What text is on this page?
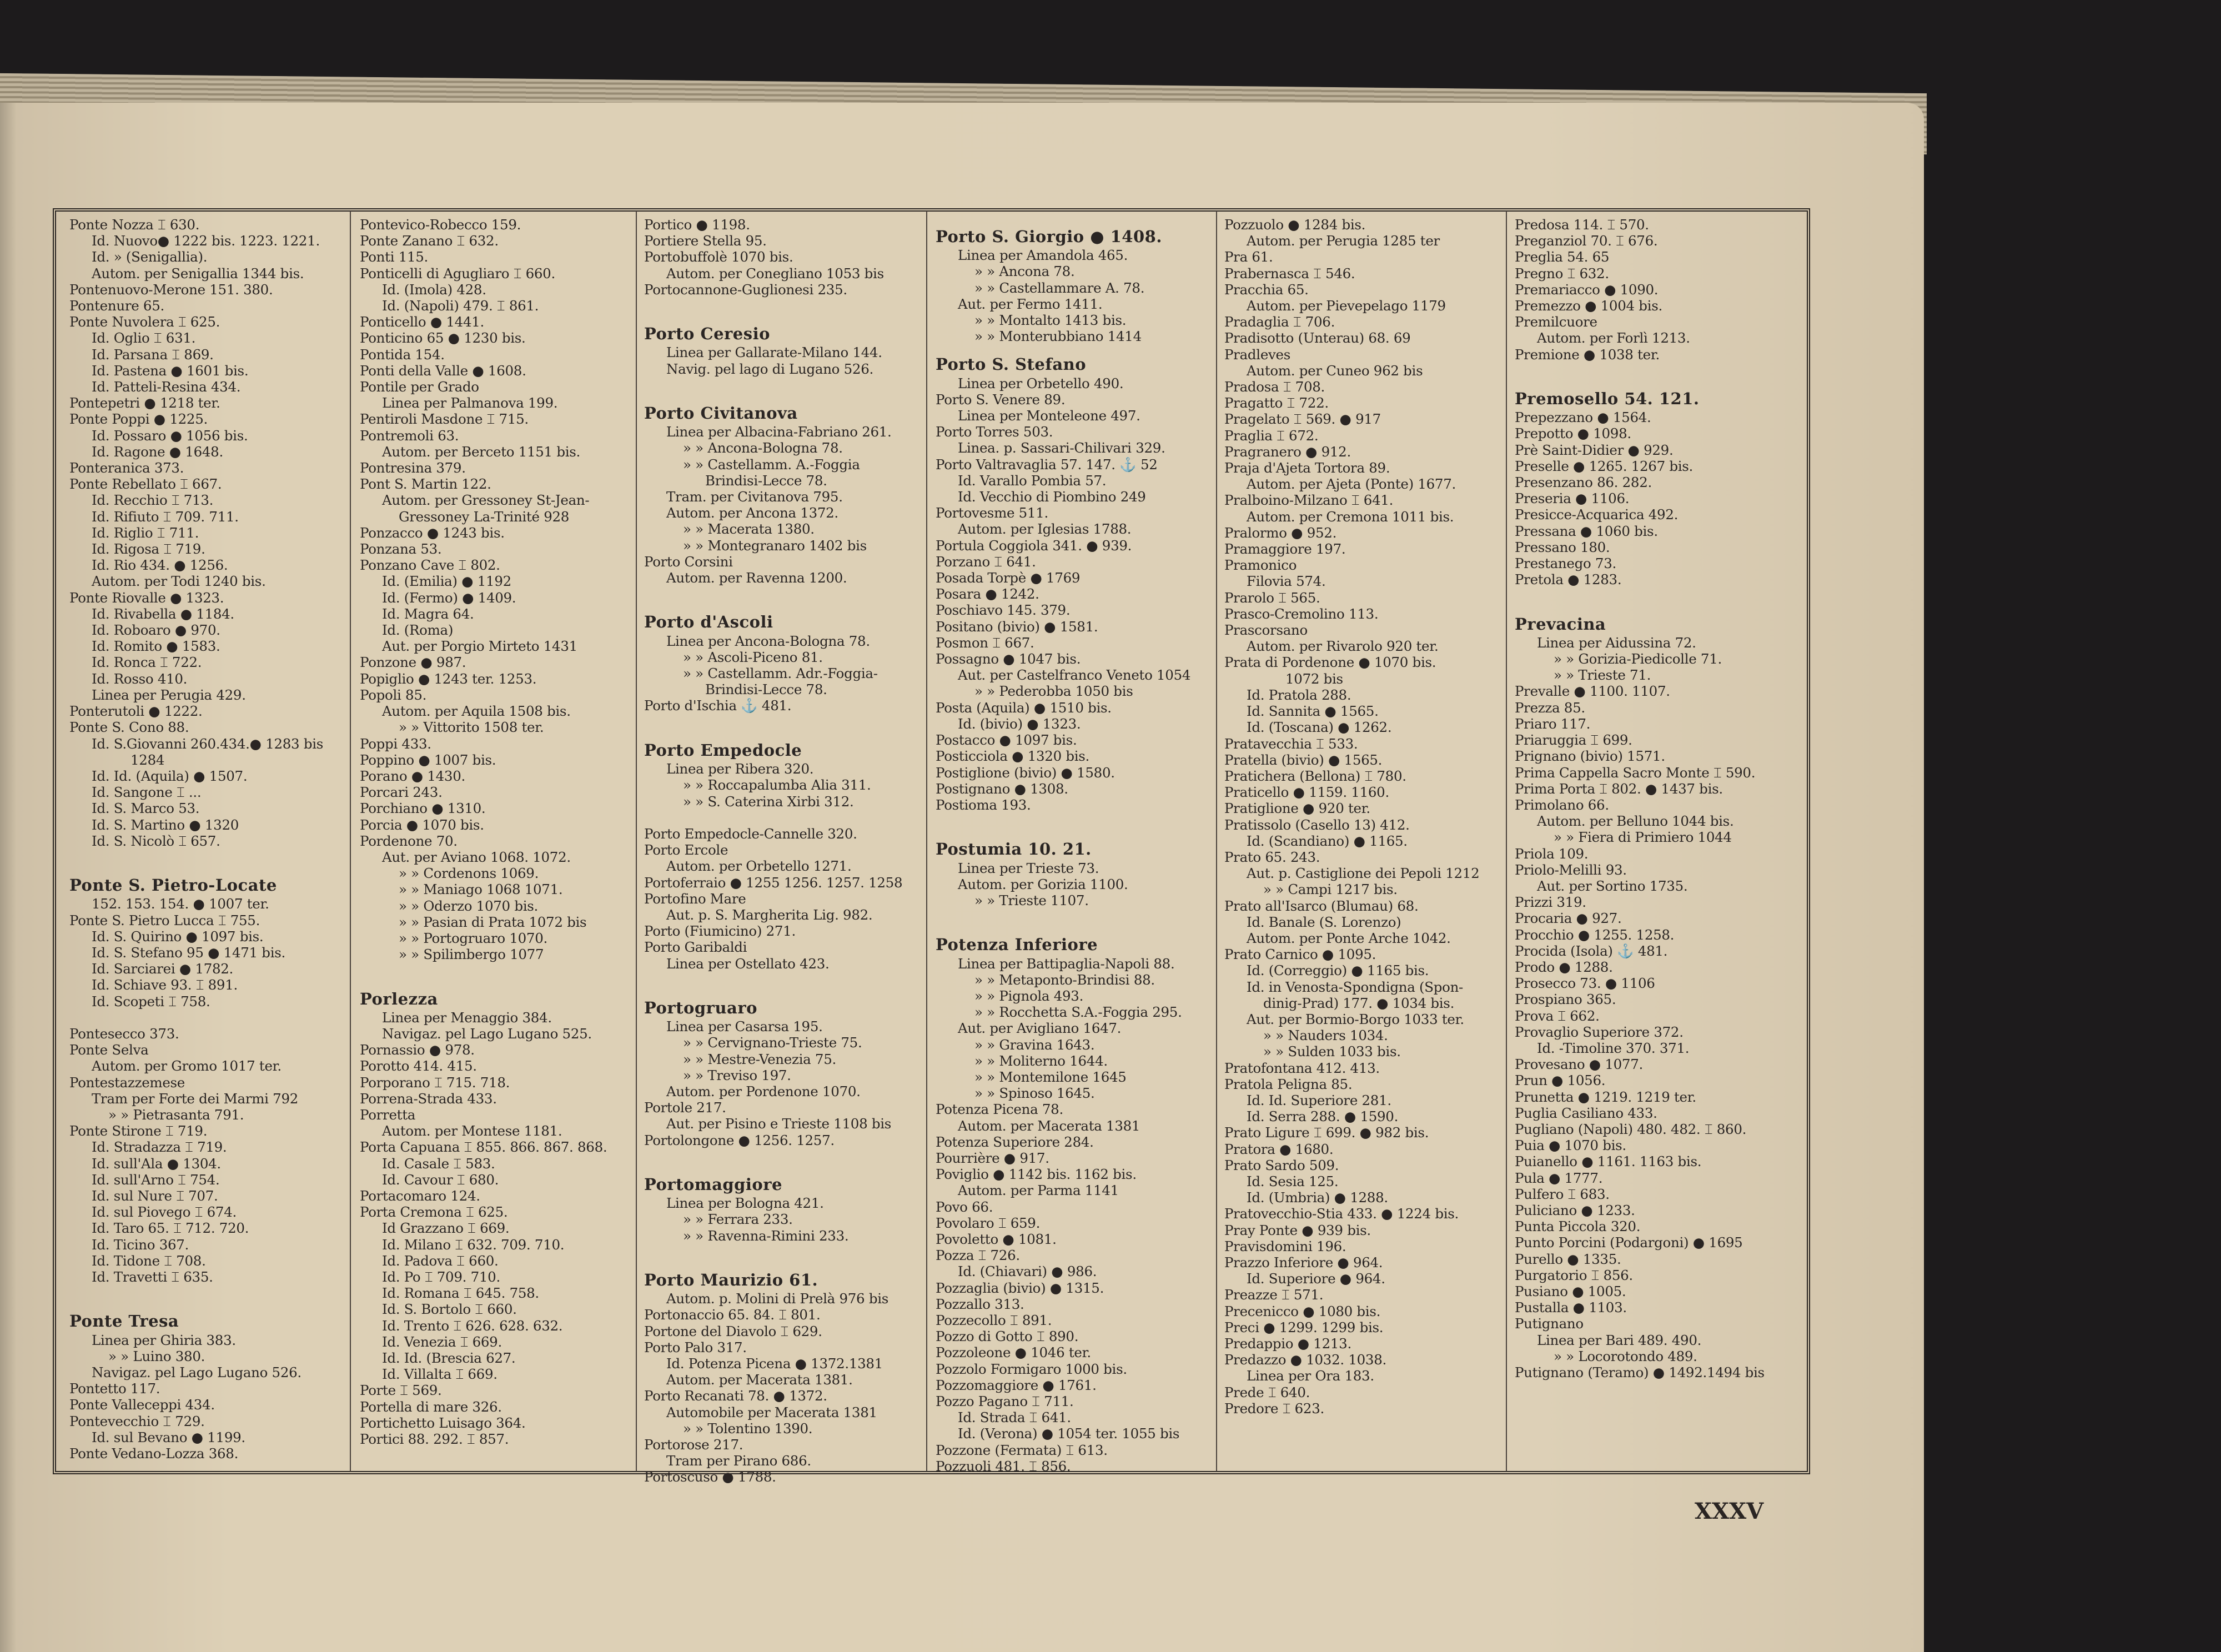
Ponte Nozza ⌶ 630.
Id. Nuovo● 1222 bis. 1223. 1221.
Id. » (Senigallia).
Autom. per Senigallia 1344 bis.
Pontenuovo-Merone 151. 380.
Pontenure 65.
Ponte Nuvolera ⌶ 625.
Id. Oglio ⌶ 631.
Id. Parsana ⌶ 869.
Id. Pastena ● 1601 bis.
Id. Patteli-Resina 434.
Pontepetri ● 1218 ter.
Ponte Poppi ● 1225.
Id. Possaro ● 1056 bis.
Id. Ragone ● 1648.
Ponteranica 373.
Ponte Rebellato ⌶ 667.
Id. Recchio ⌶ 713.
Id. Rifiuto ⌶ 709. 711.
Id. Riglio ⌶ 711.
Id. Rigosa ⌶ 719.
Id. Rio 434. ● 1256.
Autom. per Todi 1240 bis.
Ponte Riovalle ● 1323.
Id. Rivabella ● 1184.
Id. Roboaro ● 970.
Id. Romito ● 1583.
Id. Ronca ⌶ 722.
Id. Rosso 410.
Linea per Perugia 429.
Ponterutoli ● 1222.
Ponte S. Cono 88.
Id. S.Giovanni 260.434.● 1283 bis
1284
Id. Id. (Aquila) ● 1507.
Id. Sangone ⌶ ...
Id. S. Marco 53.
Id. S. Martino ● 1320
Id. S. Nicolò ⌶ 657.

Ponte S. Pietro-Locate
152. 153. 154. ● 1007 ter.
Ponte S. Pietro Lucca ⌶ 755.
Id. S. Quirino ● 1097 bis.
Id. S. Stefano 95 ● 1471 bis.
Id. Sarciarei ● 1782.
Id. Schiave 93. ⌶ 891.
Id. Scopeti ⌶ 758.

Pontesecco 373.
Ponte Selva
Autom. per Gromo 1017 ter.
Pontestazzemese
Tram per Forte dei Marmi 792
» » Pietrasanta 791.
Ponte Stirone ⌶ 719.
Id. Stradazza ⌶ 719.
Id. sull'Ala ● 1304.
Id. sull'Arno ⌶ 754.
Id. sul Nure ⌶ 707.
Id. sul Piovego ⌶ 674.
Id. Taro 65. ⌶ 712. 720.
Id. Ticino 367.
Id. Tidone ⌶ 708.
Id. Travetti ⌶ 635.

Ponte Tresa
Linea per Ghiria 383.
» » Luino 380.
Navigaz. pel Lago Lugano 526.
Pontetto 117.
Ponte Valleceppi 434.
Pontevecchio ⌶ 729.
Id. sul Bevano ● 1199.
Ponte Vedano-Lozza 368.
Pontevico-Robecco 159.
Ponte Zanano ⌶ 632.
Ponti 115.
Ponticelli di Agugliaro ⌶ 660.
Id. (Imola) 428.
Id. (Napoli) 479. ⌶ 861.
Ponticello ● 1441.
Ponticino 65 ● 1230 bis.
Pontida 154.
Ponti della Valle ● 1608.
Pontile per Grado
Linea per Palmanova 199.
Pentiroli Masdone ⌶ 715.
Pontremoli 63.
Autom. per Berceto 1151 bis.
Pontresina 379.
Pont S. Martin 122.
Autom. per Gressoney St-Jean-
Gressoney La-Trinité 928
Ponzacco ● 1243 bis.
Ponzana 53.
Ponzano Cave ⌶ 802.
Id. (Emilia) ● 1192
Id. (Fermo) ● 1409.
Id. Magra 64.
Id. (Roma)
Aut. per Porgio Mirteto 1431
Ponzone ● 987.
Popiglio ● 1243 ter. 1253.
Popoli 85.
Autom. per Aquila 1508 bis.
» » Vittorito 1508 ter.
Poppi 433.
Poppino ● 1007 bis.
Porano ● 1430.
Porcari 243.
Porchiano ● 1310.
Porcia ● 1070 bis.
Pordenone 70.
Aut. per Aviano 1068. 1072.
» » Cordenons 1069.
» » Maniago 1068 1071.
» » Oderzo 1070 bis.
» » Pasian di Prata 1072 bis
» » Portogruaro 1070.
» » Spilimbergo 1077

Porlezza
Linea per Menaggio 384.
Navigaz. pel Lago Lugano 525.
Pornassio ● 978.
Porotto 414. 415.
Porporano ⌶ 715. 718.
Porrena-Strada 433.
Porretta
Autom. per Montese 1181.
Porta Capuana ⌶ 855. 866. 867. 868.
Id. Casale ⌶ 583.
Id. Cavour ⌶ 680.
Portacomaro 124.
Porta Cremona ⌶ 625.
Id Grazzano ⌶ 669.
Id. Milano ⌶ 632. 709. 710.
Id. Padova ⌶ 660.
Id. Po ⌶ 709. 710.
Id. Romana ⌶ 645. 758.
Id. S. Bortolo ⌶ 660.
Id. Trento ⌶ 626. 628. 632.
Id. Venezia ⌶ 669.
Id. Id. (Brescia 627.
Id. Villalta ⌶ 669.
Porte ⌶ 569.
Portella di mare 326.
Portichetto Luisago 364.
Portici 88. 292. ⌶ 857.
Portico ● 1198.
Portiere Stella 95.
Portobuffolè 1070 bis.
Autom. per Conegliano 1053 bis
Portocannone-Guglionesi 235.

Porto Ceresio
Linea per Gallarate-Milano 144.
Navig. pel lago di Lugano 526.

Porto Civitanova
Linea per Albacina-Fabriano 261.
» » Ancona-Bologna 78.
» » Castellamm. A.-Foggia
Brindisi-Lecce 78.
Tram. per Civitanova 795.
Autom. per Ancona 1372.
» » Macerata 1380.
» » Montegranaro 1402 bis
Porto Corsini
Autom. per Ravenna 1200.

Porto d'Ascoli
Linea per Ancona-Bologna 78.
» » Ascoli-Piceno 81.
» » Castellamm. Adr.-Foggia-
Brindisi-Lecce 78.
Porto d'Ischia ⚓ 481.

Porto Empedocle
Linea per Ribera 320.
» » Roccapalumba Alia 311.
» » S. Caterina Xirbi 312.

Porto Empedocle-Cannelle 320.
Porto Ercole
Autom. per Orbetello 1271.
Portoferraio ● 1255 1256. 1257. 1258
Portofino Mare
Aut. p. S. Margherita Lig. 982.
Porto (Fiumicino) 271.
Porto Garibaldi
Linea per Ostellato 423.

Portogruaro
Linea per Casarsa 195.
» » Cervignano-Trieste 75.
» » Mestre-Venezia 75.
» » Treviso 197.
Autom. per Pordenone 1070.
Portole 217.
Aut. per Pisino e Trieste 1108 bis
Portolongone ● 1256. 1257.

Portomaggiore
Linea per Bologna 421.
» » Ferrara 233.
» » Ravenna-Rimini 233.

Porto Maurizio 61.
Autom. p. Molini di Prelà 976 bis
Portonaccio 65. 84. ⌶ 801.
Portone del Diavolo ⌶ 629.
Porto Palo 317.
Id. Potenza Picena ● 1372.1381
Autom. per Macerata 1381.
Porto Recanati 78. ● 1372.
Automobile per Macerata 1381
» » Tolentino 1390.
Portorose 217.
Tram per Pirano 686.
Portoscuso ● 1788.
Porto S. Giorgio ● 1408.
Linea per Amandola 465.
» » Ancona 78.
» » Castellammare A. 78.
Aut. per Fermo 1411.
» » Montalto 1413 bis.
» » Monterubbiano 1414
Porto S. Stefano
Linea per Orbetello 490.
Porto S. Venere 89.
Linea per Monteleone 497.
Porto Torres 503.
Linea. p. Sassari-Chilivari 329.
Porto Valtravaglia 57. 147. ⚓ 52
Id. Varallo Pombia 57.
Id. Vecchio di Piombino 249
Portovesme 511.
Autom. per Iglesias 1788.
Portula Coggiola 341. ● 939.
Porzano ⌶ 641.
Posada Torpè ● 1769
Posara ● 1242.
Poschiavo 145. 379.
Positano (bivio) ● 1581.
Posmon ⌶ 667.
Possagno ● 1047 bis.
Aut. per Castelfranco Veneto 1054
» » Pederobba 1050 bis
Posta (Aquila) ● 1510 bis.
Id. (bivio) ● 1323.
Postacco ● 1097 bis.
Posticciola ● 1320 bis.
Postiglione (bivio) ● 1580.
Postignano ● 1308.
Postioma 193.

Postumia 10. 21.
Linea per Trieste 73.
Autom. per Gorizia 1100.
» » Trieste 1107.

Potenza Inferiore
Linea per Battipaglia-Napoli 88.
» » Metaponto-Brindisi 88.
» » Pignola 493.
» » Rocchetta S.A.-Foggia 295.
Aut. per Avigliano 1647.
» » Gravina 1643.
» » Moliterno 1644.
» » Montemilone 1645
» » Spinoso 1645.
Potenza Picena 78.
Autom. per Macerata 1381
Potenza Superiore 284.
Pourrière ● 917.
Poviglio ● 1142 bis. 1162 bis.
Autom. per Parma 1141
Povo 66.
Povolaro ⌶ 659.
Povoletto ● 1081.
Pozza ⌶ 726.
Id. (Chiavari) ● 986.
Pozzaglia (bivio) ● 1315.
Pozzallo 313.
Pozzecollo ⌶ 891.
Pozzo di Gotto ⌶ 890.
Pozzoleone ● 1046 ter.
Pozzolo Formigaro 1000 bis.
Pozzomaggiore ● 1761.
Pozzo Pagano ⌶ 711.
Id. Strada ⌶ 641.
Id. (Verona) ● 1054 ter. 1055 bis
Pozzone (Fermata) ⌶ 613.
Pozzuoli 481. ⌶ 856.
Pozzuolo ● 1284 bis.
Autom. per Perugia 1285 ter
Pra 61.
Prabernasca ⌶ 546.
Pracchia 65.
Autom. per Pievepelago 1179
Pradaglia ⌶ 706.
Pradisotto (Unterau) 68. 69
Pradleves
Autom. per Cuneo 962 bis
Pradosa ⌶ 708.
Pragatto ⌶ 722.
Pragelato ⌶ 569. ● 917
Praglia ⌶ 672.
Pragranero ● 912.
Praja d'Ajeta Tortora 89.
Autom. per Ajeta (Ponte) 1677.
Pralboino-Milzano ⌶ 641.
Autom. per Cremona 1011 bis.
Pralormo ● 952.
Pramaggiore 197.
Pramonico
Filovia 574.
Prarolo ⌶ 565.
Prasco-Cremolino 113.
Prascorsano
Autom. per Rivarolo 920 ter.
Prata di Pordenone ● 1070 bis.
1072 bis
Id. Pratola 288.
Id. Sannita ● 1565.
Id. (Toscana) ● 1262.
Pratavecchia ⌶ 533.
Pratella (bivio) ● 1565.
Pratichera (Bellona) ⌶ 780.
Praticello ● 1159. 1160.
Pratiglione ● 920 ter.
Pratissolo (Casello 13) 412.
Id. (Scandiano) ● 1165.
Prato 65. 243.
Aut. p. Castiglione dei Pepoli 1212
» » Campi 1217 bis.
Prato all'Isarco (Blumau) 68.
Id. Banale (S. Lorenzo)
Autom. per Ponte Arche 1042.
Prato Carnico ● 1095.
Id. (Correggio) ● 1165 bis.
Id. in Venosta-Spondigna (Spon-
dinig-Prad) 177. ● 1034 bis.
Aut. per Bormio-Borgo 1033 ter.
» » Nauders 1034.
» » Sulden 1033 bis.
Pratofontana 412. 413.
Pratola Peligna 85.
Id. Id. Superiore 281.
Id. Serra 288. ● 1590.
Prato Ligure ⌶ 699. ● 982 bis.
Pratora ● 1680.
Prato Sardo 509.
Id. Sesia 125.
Id. (Umbria) ● 1288.
Pratovecchio-Stia 433. ● 1224 bis.
Pray Ponte ● 939 bis.
Pravisdomini 196.
Prazzo Inferiore ● 964.
Id. Superiore ● 964.
Preazze ⌶ 571.
Precenicco ● 1080 bis.
Preci ● 1299. 1299 bis.
Predappio ● 1213.
Predazzo ● 1032. 1038.
Linea per Ora 183.
Prede ⌶ 640.
Predore ⌶ 623.
Predosa 114. ⌶ 570.
Preganziol 70. ⌶ 676.
Preglia 54. 65
Pregno ⌶ 632.
Premariacco ● 1090.
Premezzo ● 1004 bis.
Premilcuore
Autom. per Forlì 1213.
Premione ● 1038 ter.

Premosello 54. 121.
Prepezzano ● 1564.
Prepotto ● 1098.
Prè Saint-Didier ● 929.
Preselle ● 1265. 1267 bis.
Presenzano 86. 282.
Preseria ● 1106.
Presicce-Acquarica 492.
Pressana ● 1060 bis.
Pressano 180.
Prestanego 73.
Pretola ● 1283.

Prevacina
Linea per Aidussina 72.
» » Gorizia-Piedicolle 71.
» » Trieste 71.
Prevalle ● 1100. 1107.
Prezza 85.
Priaro 117.
Priaruggia ⌶ 699.
Prignano (bivio) 1571.
Prima Cappella Sacro Monte ⌶ 590.
Prima Porta ⌶ 802. ● 1437 bis.
Primolano 66.
Autom. per Belluno 1044 bis.
» » Fiera di Primiero 1044
Priola 109.
Priolo-Melilli 93.
Aut. per Sortino 1735.
Prizzi 319.
Procaria ● 927.
Procchio ● 1255. 1258.
Procida (Isola) ⚓ 481.
Prodo ● 1288.
Prosecco 73. ● 1106
Prospiano 365.
Prova ⌶ 662.
Provaglio Superiore 372.
Id. -Timoline 370. 371.
Provesano ● 1077.
Prun ● 1056.
Prunetta ● 1219. 1219 ter.
Puglia Casiliano 433.
Pugliano (Napoli) 480. 482. ⌶ 860.
Puia ● 1070 bis.
Puianello ● 1161. 1163 bis.
Pula ● 1777.
Pulfero ⌶ 683.
Puliciano ● 1233.
Punta Piccola 320.
Punto Porcini (Podargoni) ● 1695
Purello ● 1335.
Purgatorio ⌶ 856.
Pusiano ● 1005.
Pustalla ● 1103.
Putignano
Linea per Bari 489. 490.
» » Locorotondo 489.
Putignano (Teramo) ● 1492.1494 bis
XXXV
